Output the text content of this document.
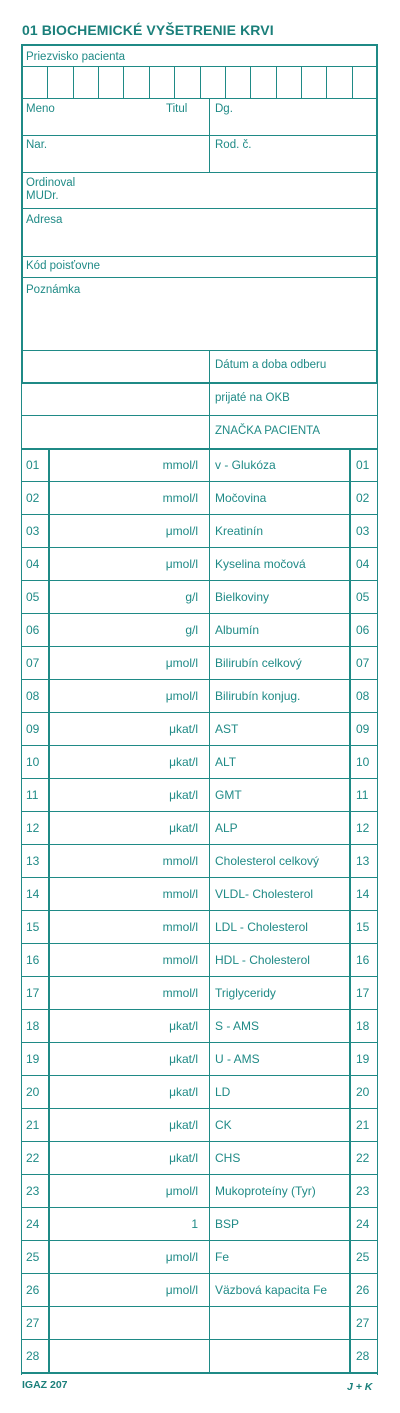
01 BIOCHEMICKÉ VYŠETRENIE KRVI
Priezvisko pacienta
Meno	Titul Dg.
Nar.	Rod. č.
Ordinoval
MUDr.
Adresa
Kód poisťovne
Poznámka
Dátum a doba odberu
prijaté na OKB
ZNAČKA PACIENTA
01	mmol/l v - Glukóza	01
02	mmol/l Močovina	02
03	μmol/l Kreatinín	03
04	μmol/l Kyselina močová	04
05	g/l Bielkoviny	05
06	g/l Albumín	06
07	μmol/l Bilirubín celkový	07
08	μmol/l Bilirubín konjug.	08
09	μkat/l AST	09
10	μkat/l ALT	10
11	μkat/l GMT	11
12	μkat/l ALP	12
13	mmol/l Cholesterol celkový	13
14	mmol/l VLDL- Cholesterol	14
15	mmol/l LDL - Cholesterol	15
16	mmol/l HDL - Cholesterol	16
17	mmol/l Triglyceridy	17
18	μkat/l S - AMS	18
19	μkat/l U - AMS	19
20	μkat/l LD	20
21	μkat/l CK	21
22	μkat/l CHS	22
23	μmol/l Mukoproteíny (Tyr)	23
24	1 BSP	24
25	μmol/l Fe	25
26	μmol/l Väzbová kapacita Fe 26
27	27
28	28
IGAZ 207	J + K
